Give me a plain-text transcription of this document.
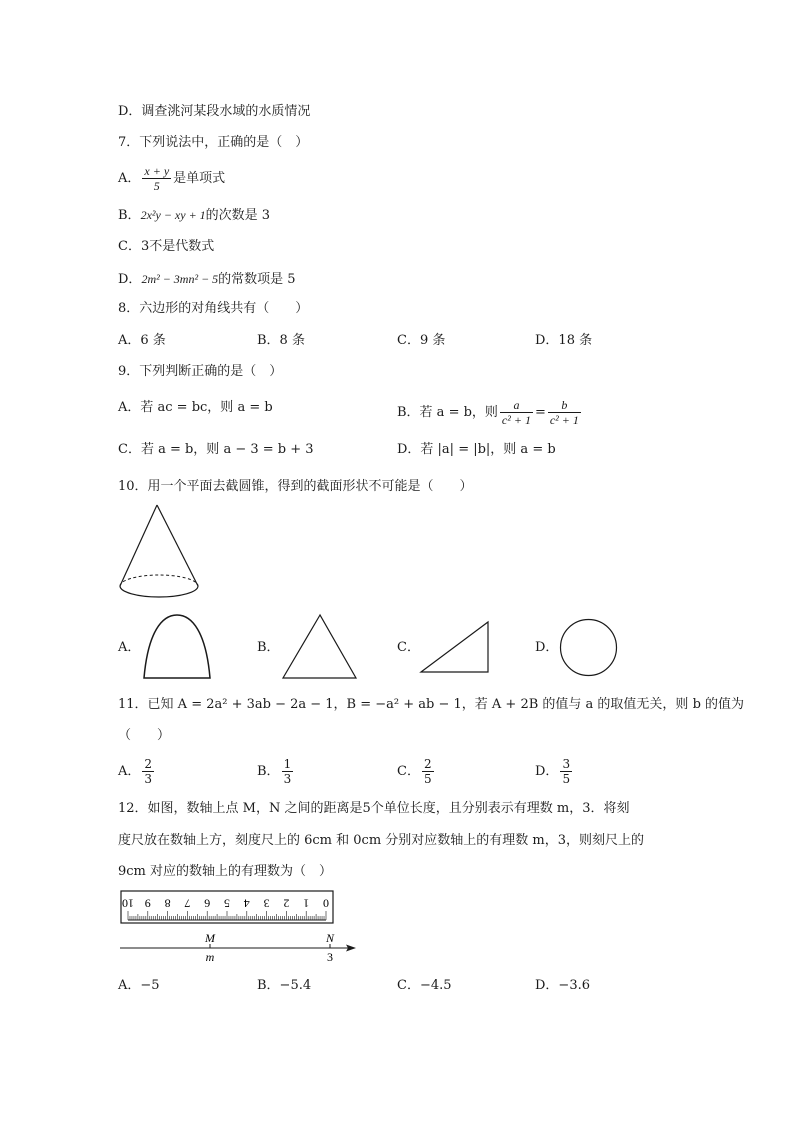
D．调查洮河某段水域的水质情况
7．下列说法中，正确的是（　）
A． $\frac{x + y}{5}$ 是单项式
B．2x²y − xy + 1的次数是 3
C．3不是代数式
D．2m² − 3mn² − 5的常数项是 5
8．六边形的对角线共有（　　）
A．6 条	B．8 条	C．9 条	D．18 条
9．下列判断正确的是（　）
A．若 ac = bc，则 a = b	B．若 a = b，则 $\frac{a}{\text{c² + 1}} = \frac{b}{\text{c² + 1}}$
C．若 a = b，则 a − 3 = b + 3	D．若 |a| = |b|，则 a = b
10．用一个平面去截圆锥，得到的截面形状不可能是（　　）
A．	B．	C．	D．
11．已知 A = 2a² + 3ab − 2a − 1，B = −a² + ab − 1，若 A + 2B 的值与 a 的取值无关，则 b 的值为
（　　）
A． $\frac{2}{3}$	B． $\frac{1}{3}$	C． $\frac{2}{5}$	D． $\frac{3}{5}$
12．如图，数轴上点 M，N 之间的距离是5个单位长度，且分别表示有理数 m，3．将刻
度尺放在数轴上方，刻度尺上的 6cm 和 0cm 分别对应数轴上的有理数 m，3，则刻尺上的
9cm 对应的数轴上的有理数为（　）
10 9 8 7 6 5 4 3 2 1 0
M
m
N
3
A．−5	B．−5.4	C．−4.5	D．−3.6
